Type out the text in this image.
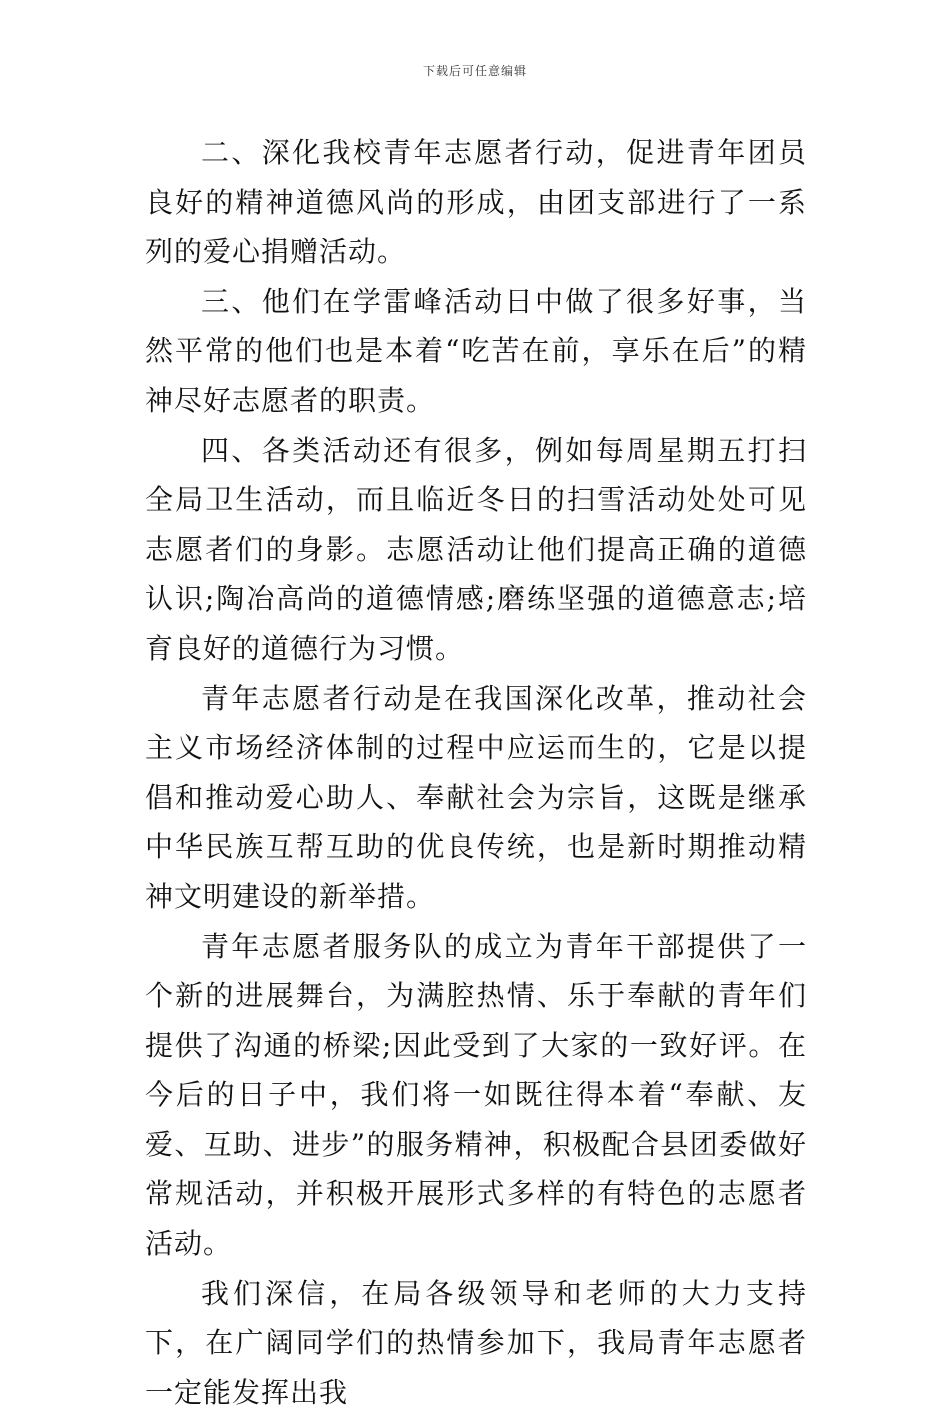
下载后可任意编辑

二、深化我校青年志愿者行动，促进青年团员良好的精神道德风尚的形成，由团支部进行了一系列的爱心捐赠活动。

三、他们在学雷峰活动日中做了很多好事，当然平常的他们也是本着“吃苦在前，享乐在后”的精神尽好志愿者的职责。

四、各类活动还有很多，例如每周星期五打扫全局卫生活动，而且临近冬日的扫雪活动处处可见志愿者们的身影。志愿活动让他们提高正确的道德认识;陶冶高尚的道德情感;磨练坚强的道德意志;培育良好的道德行为习惯。

青年志愿者行动是在我国深化改革，推动社会主义市场经济体制的过程中应运而生的，它是以提倡和推动爱心助人、奉献社会为宗旨，这既是继承中华民族互帮互助的优良传统，也是新时期推动精神文明建设的新举措。

青年志愿者服务队的成立为青年干部提供了一个新的进展舞台，为满腔热情、乐于奉献的青年们提供了沟通的桥梁;因此受到了大家的一致好评。在今后的日子中，我们将一如既往得本着“奉献、友爱、互助、进步”的服务精神，积极配合县团委做好常规活动，并积极开展形式多样的有特色的志愿者活动。

我们深信，在局各级领导和老师的大力支持下，在广阔同学们的热情参加下，我局青年志愿者一定能发挥出我
